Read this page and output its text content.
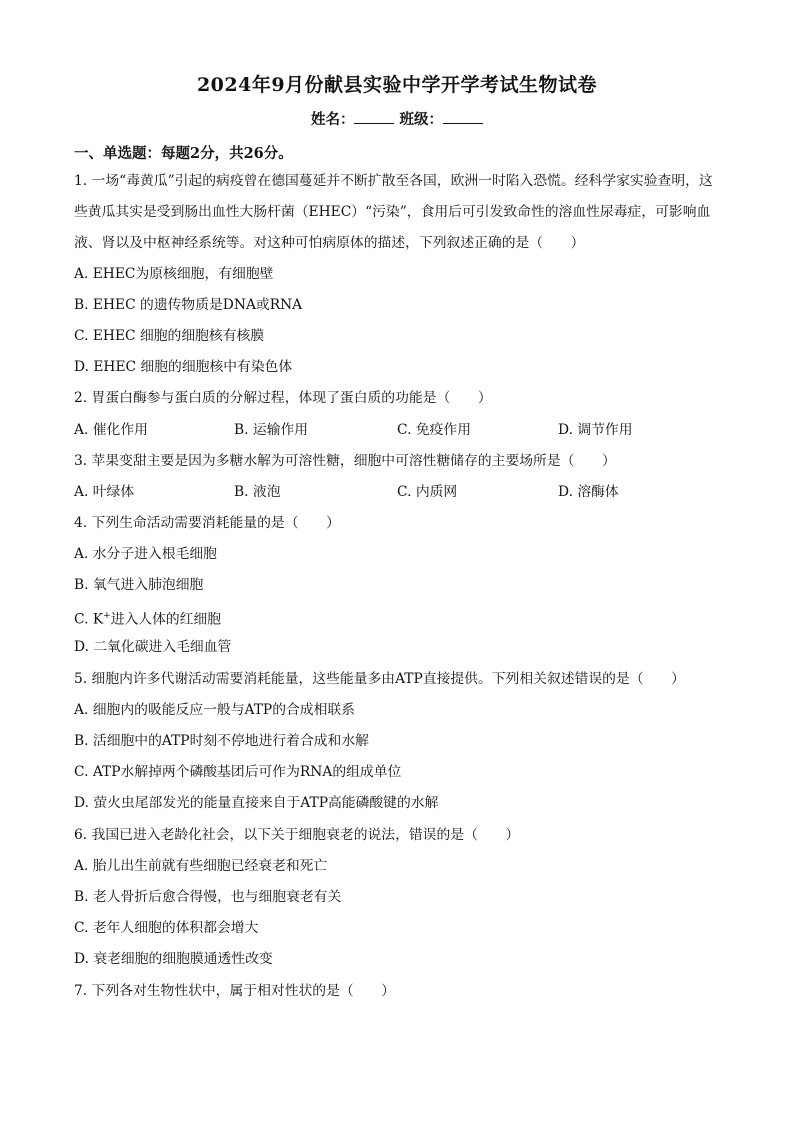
2024年9月份献县实验中学开学考试生物试卷
姓名：	班级：
一、单选题：每题2分，共26分。
1. 一场“毒黄瓜”引起的病疫曾在德国蔓延并不断扩散至各国，欧洲一时陷入恐慌。经科学家实验查明，这
些黄瓜其实是受到肠出血性大肠杆菌（EHEC）“污染”，食用后可引发致命性的溶血性尿毒症，可影响血
液、肾以及中枢神经系统等。对这种可怕病原体的描述，下列叙述正确的是（　　）
A. EHEC为原核细胞，有细胞壁
B. EHEC 的遗传物质是DNA或RNA
C. EHEC 细胞的细胞核有核膜
D. EHEC 细胞的细胞核中有染色体
2. 胃蛋白酶参与蛋白质的分解过程，体现了蛋白质的功能是（　　）
A. 催化作用	B. 运输作用	C. 免疫作用	D. 调节作用
3. 苹果变甜主要是因为多糖水解为可溶性糖，细胞中可溶性糖储存的主要场所是（　　）
A. 叶绿体	B. 液泡	C. 内质网	D. 溶酶体
4. 下列生命活动需要消耗能量的是（　　）
A. 水分子进入根毛细胞
B. 氧气进入肺泡细胞
C. K+进入人体的红细胞
D. 二氧化碳进入毛细血管
5. 细胞内许多代谢活动需要消耗能量，这些能量多由ATP直接提供。下列相关叙述错误的是（　　）
A. 细胞内的吸能反应一般与ATP的合成相联系
B. 活细胞中的ATP时刻不停地进行着合成和水解
C. ATP水解掉两个磷酸基团后可作为RNA的组成单位
D. 萤火虫尾部发光的能量直接来自于ATP高能磷酸键的水解
6. 我国已进入老龄化社会，以下关于细胞衰老的说法，错误的是（　　）
A. 胎儿出生前就有些细胞已经衰老和死亡
B. 老人骨折后愈合得慢，也与细胞衰老有关
C. 老年人细胞的体积都会增大
D. 衰老细胞的细胞膜通透性改变
7. 下列各对生物性状中，属于相对性状的是（　　）
